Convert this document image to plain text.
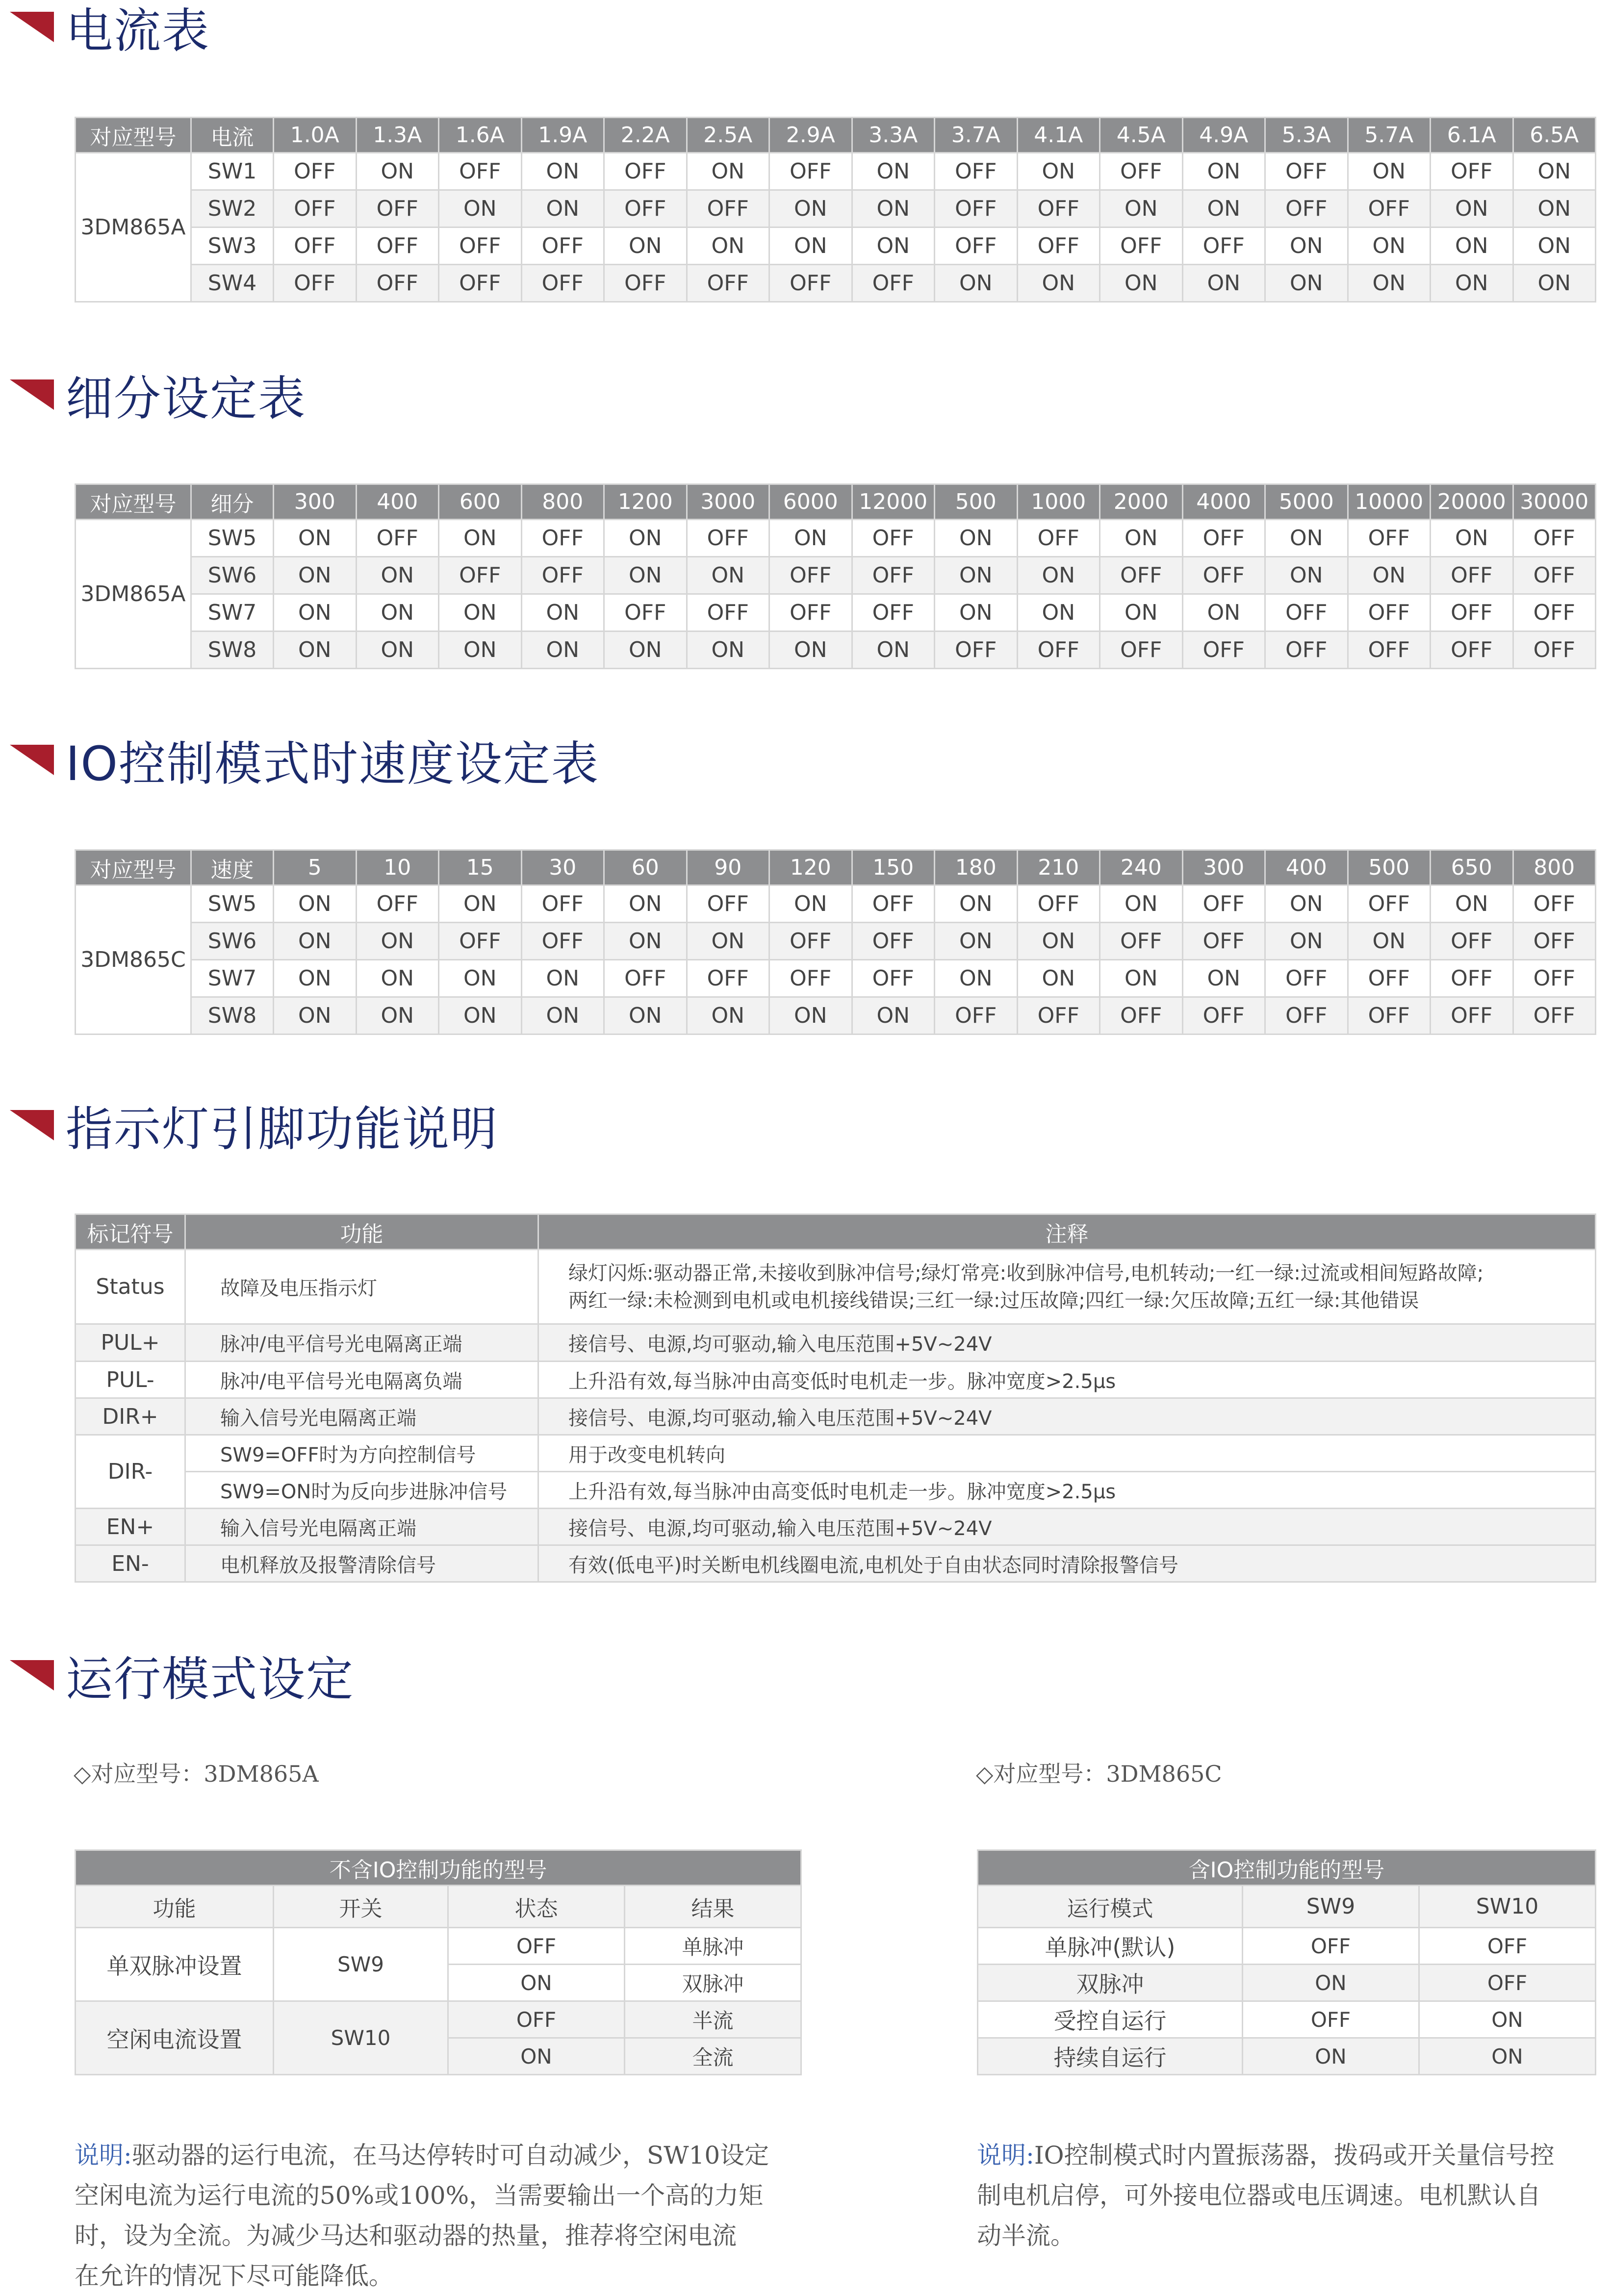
电流表
对应型号	电流	1.0A	1.3A	1.6A	1.9A	2.2A	2.5A	2.9A	3.3A	3.7A	4.1A	4.5A	4.9A	5.3A	5.7A	6.1A	6.5A
3DM865A	SW1	OFF	ON	OFF	ON	OFF	ON	OFF	ON	OFF	ON	OFF	ON	OFF	ON	OFF	ON
	SW2	OFF	OFF	ON	ON	OFF	OFF	ON	ON	OFF	OFF	ON	ON	OFF	OFF	ON	ON
	SW3	OFF	OFF	OFF	OFF	ON	ON	ON	ON	OFF	OFF	OFF	OFF	ON	ON	ON	ON
	SW4	OFF	OFF	OFF	OFF	OFF	OFF	OFF	OFF	ON	ON	ON	ON	ON	ON	ON	ON
细分设定表
对应型号	细分	300	400	600	800	1200	3000	6000	12000	500	1000	2000	4000	5000	10000	20000	30000
3DM865A	SW5	ON	OFF	ON	OFF	ON	OFF	ON	OFF	ON	OFF	ON	OFF	ON	OFF	ON	OFF
	SW6	ON	ON	OFF	OFF	ON	ON	OFF	OFF	ON	ON	OFF	OFF	ON	ON	OFF	OFF
	SW7	ON	ON	ON	ON	OFF	OFF	OFF	OFF	ON	ON	ON	ON	OFF	OFF	OFF	OFF
	SW8	ON	ON	ON	ON	ON	ON	ON	ON	OFF	OFF	OFF	OFF	OFF	OFF	OFF	OFF
IO控制模式时速度设定表
对应型号	速度	5	10	15	30	60	90	120	150	180	210	240	300	400	500	650	800
3DM865C	SW5	ON	OFF	ON	OFF	ON	OFF	ON	OFF	ON	OFF	ON	OFF	ON	OFF	ON	OFF
	SW6	ON	ON	OFF	OFF	ON	ON	OFF	OFF	ON	ON	OFF	OFF	ON	ON	OFF	OFF
	SW7	ON	ON	ON	ON	OFF	OFF	OFF	OFF	ON	ON	ON	ON	OFF	OFF	OFF	OFF
	SW8	ON	ON	ON	ON	ON	ON	ON	ON	OFF	OFF	OFF	OFF	OFF	OFF	OFF	OFF
指示灯引脚功能说明
标记符号	功能	注释
Status	故障及电压指示灯	绿灯闪烁:驱动器正常,未接收到脉冲信号;绿灯常亮:收到脉冲信号,电机转动;一红一绿:过流或相间短路故障;
两红一绿:未检测到电机或电机接线错误;三红一绿:过压故障;四红一绿:欠压故障;五红一绿:其他错误

PUL+	脉冲/电平信号光电隔离正端	接信号、电源,均可驱动,输入电压范围+5V~24V
PUL-	脉冲/电平信号光电隔离负端	上升沿有效,每当脉冲由高变低时电机走一步。脉冲宽度>2.5μs
DIR+	输入信号光电隔离正端	接信号、电源,均可驱动,输入电压范围+5V~24V
DIR-	SW9=OFF时为方向控制信号	用于改变电机转向
	SW9=ON时为反向步进脉冲信号	上升沿有效,每当脉冲由高变低时电机走一步。脉冲宽度>2.5μs
EN+	输入信号光电隔离正端	接信号、电源,均可驱动,输入电压范围+5V~24V
EN-	电机释放及报警清除信号	有效(低电平)时关断电机线圈电流,电机处于自由状态同时清除报警信号
运行模式设定
◇对应型号：3DM865A	◇对应型号：3DM865C
不含IO控制功能的型号			
功能	开关	状态	结果
单双脉冲设置	SW9	OFF	单脉冲
		ON	双脉冲
空闲电流设置	SW10	OFF	半流
		ON	全流
含IO控制功能的型号		
运行模式	SW9	SW10
单脉冲(默认)	OFF	OFF
双脉冲	ON	OFF
受控自运行	OFF	ON
持续自运行	ON	ON
说明:驱动器的运行电流，在马达停转时可自动减少，SW10设定
空闲电流为运行电流的50%或100%，当需要输出一个高的力矩
时，设为全流。为减少马达和驱动器的热量，推荐将空闲电流
在允许的情况下尽可能降低。
说明:IO控制模式时内置振荡器，拨码或开关量信号控
制电机启停，可外接电位器或电压调速。电机默认自
动半流。
